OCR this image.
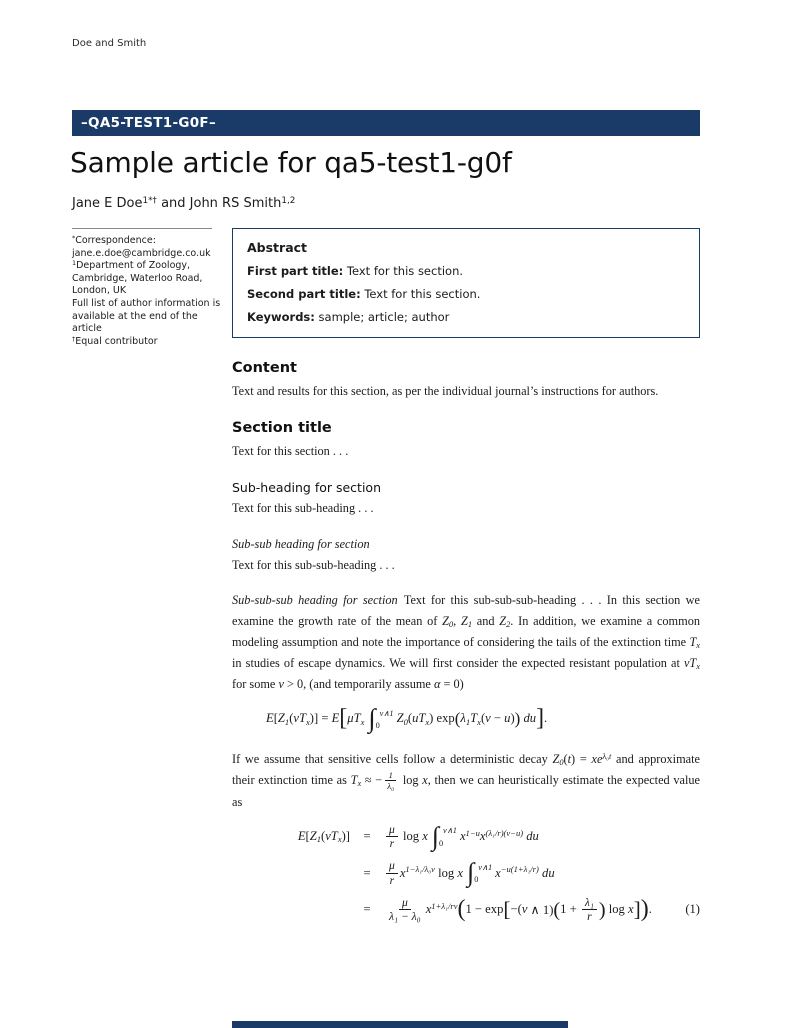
Doe and Smith
–QA5-TEST1-G0F–
Sample article for qa5-test1-g0f
Jane E Doe$^{1*\dagger}$ and John RS Smith$^{1,2}$
*Correspondence:
jane.e.doe@cambridge.co.uk
$^1$Department of Zoology,
Cambridge, Waterloo Road,
London, UK
Full list of author information is
available at the end of the article
†Equal contributor
Abstract
First part title: Text for this section.
Second part title: Text for this section.
Keywords: sample; article; author
Content

Text and results for this section, as per the individual journal’s instructions for authors.

Section title

Text for this section . . .

Sub-heading for section

Text for this sub-heading . . .

Sub-sub heading for section

Text for this sub-sub-heading . . .

Sub-sub-sub heading for section Text for this sub-sub-sub-heading . . . In this section we examine the growth rate of the mean of $Z_0$, $Z_1$ and $Z_2$. In addition, we examine a common modeling assumption and note the importance of considering the tails of the extinction time $T_x$ in studies of escape dynamics. We will first consider the expected resistant population at $vT_x$ for some v > 0, (and temporarily assume α = 0)

E [ $Z_1$ ( $vT_x$ )] = E [ $\mu T_x$ ∫ v∧1
0
$Z_0$ ( $uT_x$ ) exp ( $\lambda_1$ $T_x$ ( v − u ) )
du ] .

If we assume that sensitive cells follow a deterministic decay $Z_0(t) = xe^{\lambda_0t}$ and approximate their extinction time as $T_x$ ≈ − $\frac{1}{\text{λ₀}}$ log x, then we can heuristically estimate the expected value as

E [ $Z_1$ ( $vT_x$ )]	=	$\frac{\mu}{r}$ log x ∫ v∧1
0
$x^{1-u}$ $x^{(\lambda_1/r)(v-u)}$
du
=	$\frac{\mu}{r} x^{1-\lambda_1/\lambda_0v}$ log x ∫ v∧1
0
$x^{-u(1+\lambda_1/r)}$
du
=	$\frac{\mu}{\text{λ₁ − λ₀}} x^{1+\lambda_1/rv}$ ( 1 − exp [ −( v ∧ 1) ( $1 + \frac{\text{λ₁}}{r}$ ) log x ] ) .	(1)
